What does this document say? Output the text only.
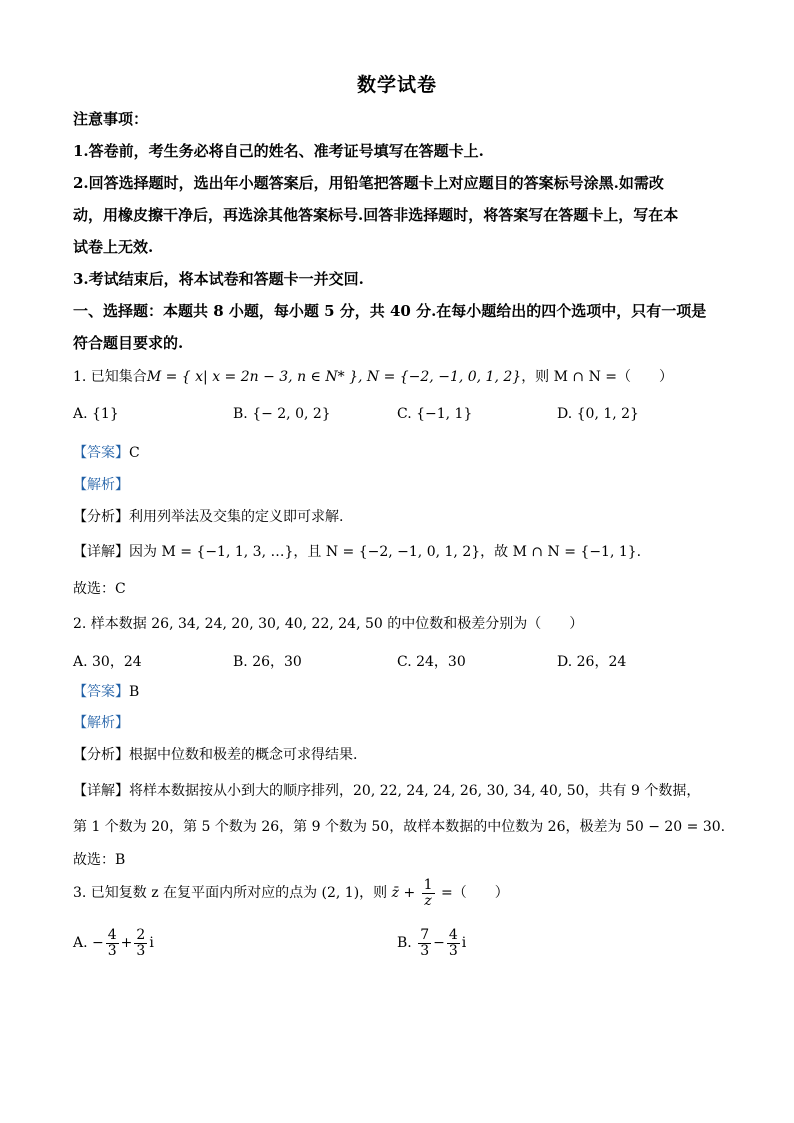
数学试卷
注意事项：
1.答卷前，考生务必将自己的姓名、准考证号填写在答题卡上.
2.回答选择题时，选出年小题答案后，用铅笔把答题卡上对应题目的答案标号涂黑.如需改
动，用橡皮擦干净后，再选涂其他答案标号.回答非选择题时，将答案写在答题卡上，写在本
试卷上无效.
3.考试结束后，将本试卷和答题卡一并交回.
一、选择题：本题共 8 小题，每小题 5 分，共 40 分.在每小题给出的四个选项中，只有一项是
符合题目要求的.
1. 已知集合M = { x| x = 2n − 3, n ∈ N* }, N = {−2, −1, 0, 1, 2}，则 M ∩ N =（　　）
A. {1}	B. {− 2, 0, 2}	C. {−1, 1}	D. {0, 1, 2}
【答案】C
【解析】
【分析】利用列举法及交集的定义即可求解.
【详解】因为 M = {−1, 1, 3, …}，且 N = {−2, −1, 0, 1, 2}，故 M ∩ N = {−1, 1}.
故选：C
2. 样本数据 26, 34, 24, 20, 30, 40, 22, 24, 50 的中位数和极差分别为（　　）
A. 30，24	B. 26，30	C. 24，30	D. 26，24
【答案】B
【解析】
【分析】根据中位数和极差的概念可求得结果.
【详解】将样本数据按从小到大的顺序排列，20, 22, 24, 24, 26, 30, 34, 40, 50，共有 9 个数据，
第 1 个数为 20，第 5 个数为 26，第 9 个数为 50，故样本数据的中位数为 26，极差为 50 − 20 = 30.
故选：B
3. 已知复数 z 在复平面内所对应的点为 (2, 1)，则 z̄ + $\frac{1}{z}$ =（　　）
A. − $\frac{4}{3} + \frac{2}{3}$ i	B. $\frac{7}{3} - \frac{4}{3}$ i
